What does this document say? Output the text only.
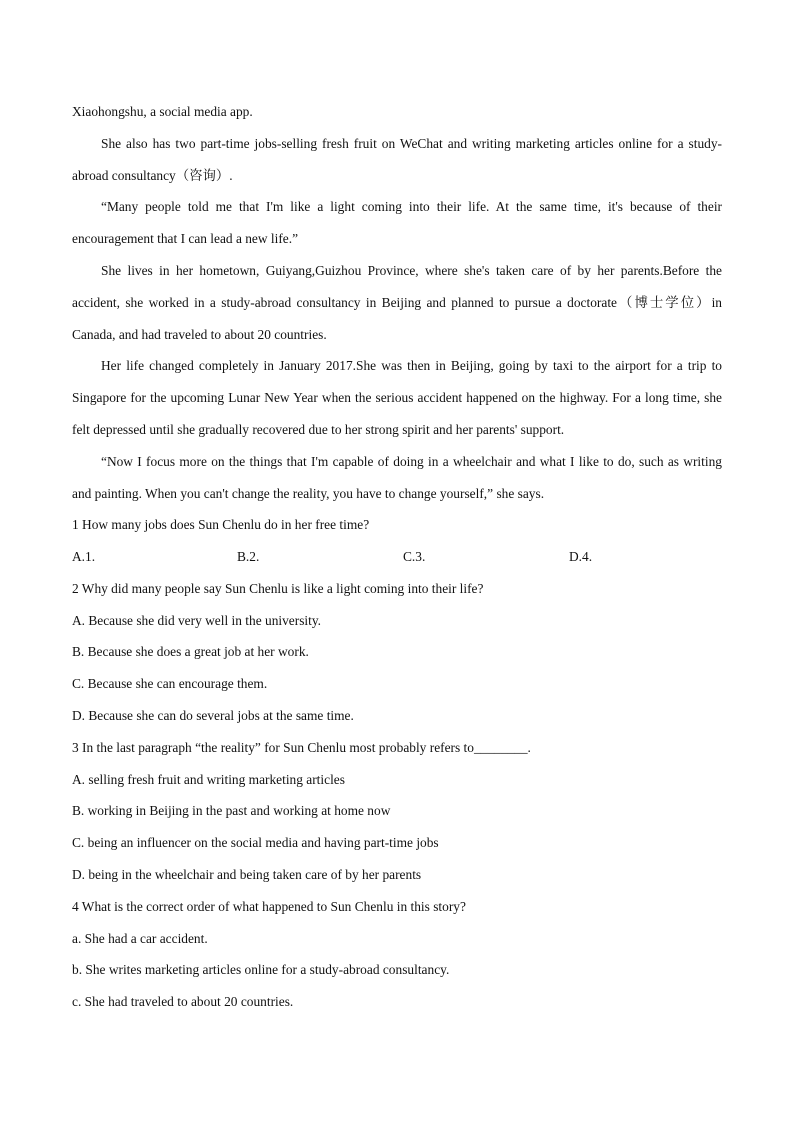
Xiaohongshu, a social media app.

She also has two part-time jobs-selling fresh fruit on WeChat and writing marketing articles online for a study-abroad consultancy（咨询）.

“Many people told me that I'm like a light coming into their life. At the same time, it's because of their encouragement that I can lead a new life.”

She lives in her hometown, Guiyang,Guizhou Province, where she's taken care of by her parents.Before the accident, she worked in a study-abroad consultancy in Beijing and planned to pursue a doctorate（博士学位）in Canada, and had traveled to about 20 countries.

Her life changed completely in January 2017.She was then in Beijing, going by taxi to the airport for a trip to Singapore for the upcoming Lunar New Year when the serious accident happened on the highway. For a long time, she felt depressed until she gradually recovered due to her strong spirit and her parents' support.

“Now I focus more on the things that I'm capable of doing in a wheelchair and what I like to do, such as writing and painting. When you can't change the reality, you have to change yourself,” she says.

1 How many jobs does Sun Chenlu do in her free time?

A.1.	B.2.	C.3.	D.4.

2 Why did many people say Sun Chenlu is like a light coming into their life?

A. Because she did very well in the university.

B. Because she does a great job at her work.

C. Because she can encourage them.

D. Because she can do several jobs at the same time.

3 In the last paragraph “the reality” for Sun Chenlu most probably refers to________.

A. selling fresh fruit and writing marketing articles

B. working in Beijing in the past and working at home now

C. being an influencer on the social media and having part-time jobs

D. being in the wheelchair and being taken care of by her parents

4 What is the correct order of what happened to Sun Chenlu in this story?

a. She had a car accident.

b. She writes marketing articles online for a study-abroad consultancy.

c. She had traveled to about 20 countries.
